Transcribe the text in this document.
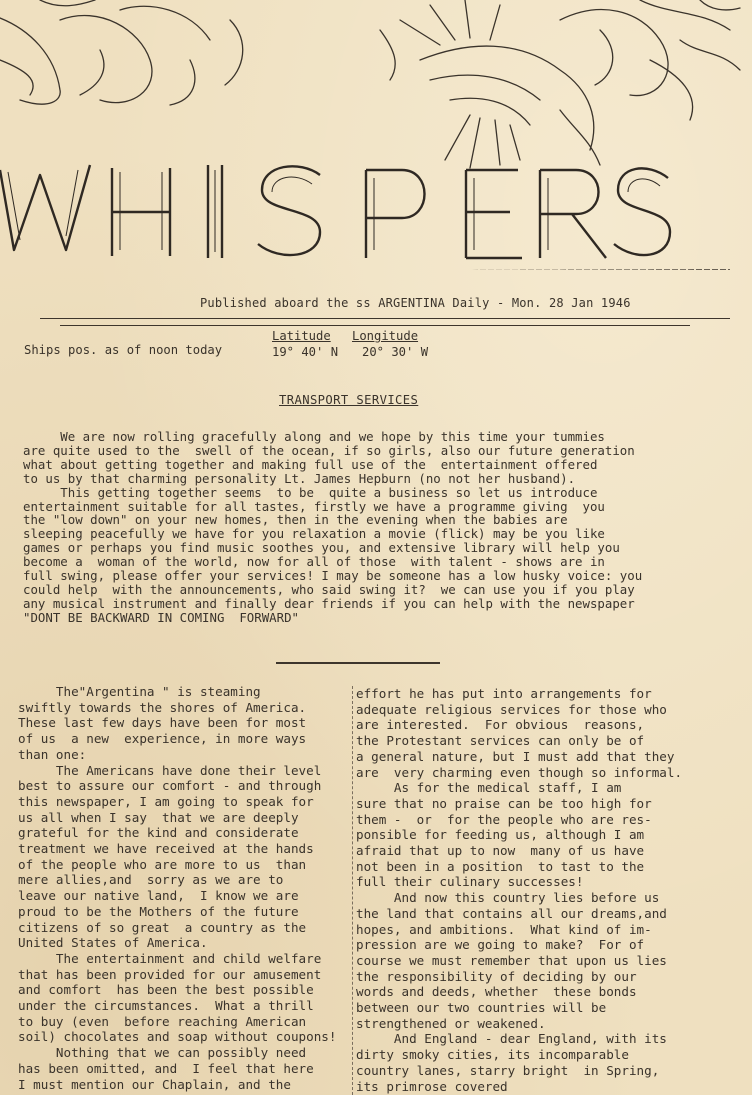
Published aboard the ss ARGENTINA Daily - Mon. 28 Jan 1946
Ships pos. as of noon today
Latitude Longitude
19° 40' N 20° 30' W
TRANSPORT SERVICES

We are now rolling gracefully along and we hope by this time your tummies

are quite used to the  swell of the ocean, if so girls, also our future generation

what about getting together and making full use of the  entertainment offered

to us by that charming personality Lt. James Hepburn (no not her husband).

This getting together seems  to be  quite a business so let us introduce

entertainment suitable for all tastes, firstly we have a programme giving  you

the "low down" on your new homes, then in the evening when the babies are

sleeping peacefully we have for you relaxation a movie (flick) may be you like

games or perhaps you find music soothes you, and extensive library will help you

become a  woman of the world, now for all of those  with talent - shows are in

full swing, please offer your services! I may be someone has a low husky voice: you

could help  with the announcements, who said swing it?  we can use you if you play

any musical instrument and finally dear friends if you can help with the newspaper

"DONT BE BACKWARD IN COMING  FORWARD"

The"Argentina " is steaming

swiftly towards the shores of America.

These last few days have been for most

of us  a new  experience, in more ways

than one:

The Americans have done their level

best to assure our comfort - and through

this newspaper, I am going to speak for

us all when I say  that we are deeply

grateful for the kind and considerate

treatment we have received at the hands

of the people who are more to us  than

mere allies,and  sorry as we are to

leave our native land,  I know we are

proud to be the Mothers of the future

citizens of so great  a country as the

United States of America.

The entertainment and child welfare

that has been provided for our amusement

and comfort  has been the best possible

under the circumstances.  What a thrill

to buy (even  before reaching American

soil) chocolates and soap without coupons!

Nothing that we can possibly need

has been omitted, and  I feel that here

I must mention our Chaplain, and the

effort he has put into arrangements for

adequate religious services for those who

are interested.  For obvious  reasons,

the Protestant services can only be of

a general nature, but I must add that they

are  very charming even though so informal.

As for the medical staff, I am

sure that no praise can be too high for

them -  or  for the people who are res-

ponsible for feeding us, although I am

afraid that up to now  many of us have

not been in a position  to tast to the

full their culinary successes!

And now this country lies before us

the land that contains all our dreams,and

hopes, and ambitions.  What kind of im-

pression are we going to make?  For of

course we must remember that upon us lies

the responsibility of deciding by our

words and deeds, whether  these bonds

between our two countries will be

strengthened or weakened.

And England - dear England, with its

dirty smoky cities, its incomparable

country lanes, starry bright  in Spring,

its primrose covered
